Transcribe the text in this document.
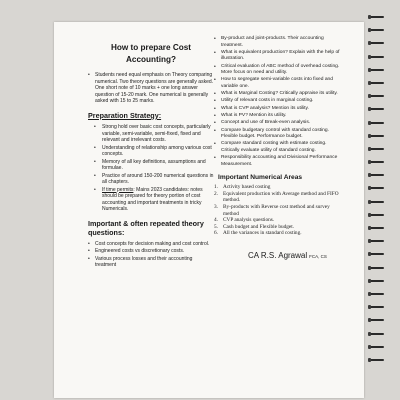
How to prepare Cost Accounting?
• Students need equal emphasis on Theory comparing numerical. Two theory questions are generally asked. One short note of 10 marks + one long answer question of 15-20 mark. One numerical is generally asked with 15 to 25 marks.
Preparation Strategy:
• Strong hold over basic cost concepts, particularly variable, semi-variable, semi-fixed, fixed and relevant and irrelevant costs.
• Understanding of relationship among various cost concepts.
• Memory of all key definitions, assumptions and formulae.
• Practice of around 150-200 numerical questions in all chapters.
• If time permits: Mains 2023 candidates: notes should be prepared for theory portion of cost accounting and important treatments in tricky Numericals.
Important & often repeated theory questions:
• Cost concepts for decision making and cost control.
• Engineered costs vs discretionary costs.
• Various process losses and their accounting treatment
• By-product and joint-products. Their accounting treatment.
• What is equivalent production? Explain with the help of illustration.
• Critical evaluation of ABC method of overhead costing. More focus on need and utility.
• How to segregate semi-variable costs into fixed and variable one.
• What is Marginal Costing? Critically appraise its utility.
• Utility of relevant costs in marginal costing.
• What is CVP analysis? Mention its utility.
• What is PV? Mention its utility.
• Concept and use of Break-even analysis.
• Compare budgetary control with standard costing. Flexible budget. Performance budget.
• Compare standard costing with estimate costing. Critically evaluate utility of standard costing.
• Responsibility accounting and Divisional Performance Measurement.
Important Numerical Areas
1. Activity based costing
2. Equivalent production with Average method and FIFO method.
3. By-products with Reverse cost method and survey method
4. CVP analysis questions.
5. Cash budget and Flexible budget.
6. All the variances in standard costing.
CA R.S. Agrawal FCA, CS
